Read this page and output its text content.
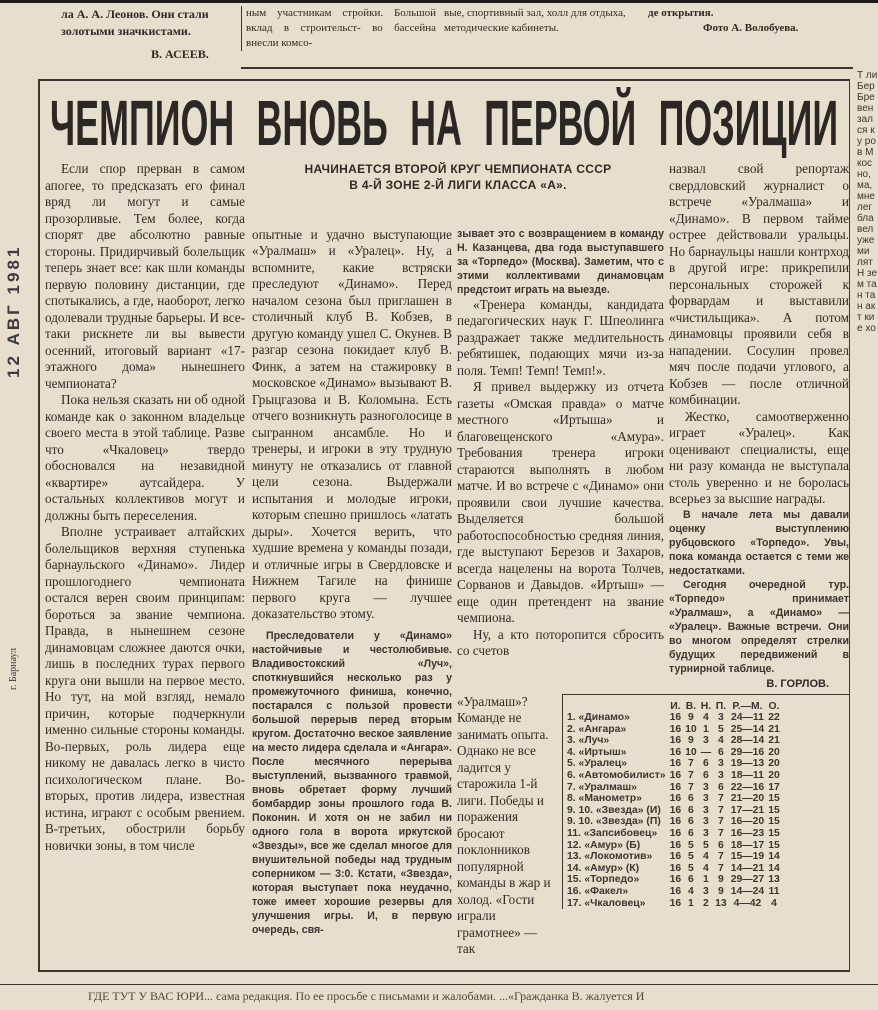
ла А. А. Леонов. Они стали
золотыми значкистами.
В. АСЕЕВ.
ным участникам стройки. Большой вклад в строительст- во бассейна внесли комсо-
вые, спортивный зал, холл для отдыха, методические кабинеты.
де открытия.
Фото А. Волобуева.
ЧЕМПИОН ВНОВЬ НА ПЕРВОЙ ПОЗИЦИИ

Если спор прерван в самом апогее, то предсказать его финал вряд ли могут и самые прозорливые. Тем более, когда спорят две абсолютно равные стороны. Придирчивый болельщик теперь знает все: как шли команды первую половину дистанции, где спотыкались, а где, наоборот, легко одолевали трудные барьеры. И все-таки рискнете ли вы вывести осенний, итоговый вариант «17-этажного дома» нынешнего чемпионата?

Пока нельзя сказать ни об одной команде как о законном владельце своего места в этой таблице. Разве что «Чкаловец» твердо обосновался на незавидной «квартире» аутсайдера. У остальных коллективов могут и должны быть переселения.

Вполне устраивает алтайских болельщиков верхняя ступенька барнаульского «Динамо». Лидер прошлогоднего чемпионата остался верен своим принципам: бороться за звание чемпиона. Правда, в нынешнем сезоне динамовцам сложнее даются очки, лишь в последних турах первого круга они вышли на первое место. Но тут, на мой взгляд, немало причин, которые подчеркнули именно сильные стороны команды. Во-первых, роль лидера еще никому не давалась легко в чисто психологическом плане. Во-вторых, против лидера, известная истина, играют с особым рвением. В-третьих, обострили борьбу новички зоны, в том числе

НАЧИНАЕТСЯ ВТОРОЙ КРУГ ЧЕМПИОНАТА СССР
В 4-Й ЗОНЕ 2-Й ЛИГИ КЛАССА «А».

опытные и удачно выступающие «Уралмаш» и «Уралец». Ну, а вспомните, какие встряски преследуют «Динамо». Перед началом сезона был приглашен в столичный клуб В. Кобзев, в другую команду ушел С. Окунев. В разгар сезона покидает клуб В. Финк, а затем на стажировку в московское «Динамо» вызывают В. Грыцгазова и В. Коломына. Есть отчего возникнуть разноголосице в сыгранном ансамбле. Но и тренеры, и игроки в эту трудную минуту не отказались от главной цели сезона. Выдержали испытания и молодые игроки, которым спешно пришлось «латать дыры». Хочется верить, что худшие времена у команды позади, и отличные игры в Свердловске и Нижнем Тагиле на финише первого круга — лучшее доказательство этому.

Преследователи у «Динамо» настойчивые и честолюбивые. Владивостокский «Луч», споткнувшийся несколько раз у промежуточного финиша, конечно, постарался с пользой провести большой перерыв перед вторым кругом. Достаточно веское заявление на место лидера сделала и «Ангара». После месячного перерыва выступлений, вызванного травмой, вновь обретает форму лучший бомбардир зоны прошлого года В. Поконин. И хотя он не забил ни одного гола в ворота иркутской «Звезды», все же сделал многое для внушительной победы над трудным соперником — 3:0. Кстати, «Звезда», которая выступает пока неудачно, тоже имеет хорошие резервы для улучшения игры. И, в первую очередь, свя-

зывает это с возвращением в команду Н. Казанцева, два года выступавшего за «Торпедо» (Москва). Заметим, что с этими коллективами динамовцам предстоит играть на выезде.

«Тренера команды, кандидата педагогических наук Г. Шпеолинга раздражает также медлительность ребятишек, подающих мячи из-за поля. Темп! Темп! Темп!».

Я привел выдержку из отчета газеты «Омская правда» о матче местного «Иртыша» и благовещенского «Амура». Требования тренера игроки стараются выполнять в любом матче. И во встрече с «Динамо» они проявили свои лучшие качества. Выделяется большой работоспособностью средняя линия, где выступают Березов и Захаров, всегда нацелены на ворота Толчев, Сорванов и Давыдов. «Иртыш» — еще один претендент на звание чемпиона.

Ну, а кто поторопится сбросить со счетов

назвал свой репортаж свердловский журналист о встрече «Уралмаша» и «Динамо». В первом тайме острее действовали уральцы. Но барнаульцы нашли контрход в другой игре: прикрепили персональных сторожей к форвардам и выставили «чистильщика». А потом динамовцы проявили себя в нападении. Сосулин провел мяч после подачи углового, а Кобзев — после отличной комбинации.

Жестко, самоотверженно играет «Уралец». Как оценивают специалисты, еще ни разу команда не выступала столь уверенно и не боролась всерьез за высшие награды.

В начале лета мы давали оценку выступлению рубцовского «Торпедо». Увы, пока команда остается с теми же недостатками.

Сегодня очередной тур. «Торпедо» принимает «Уралмаш», а «Динамо» — «Уралец». Важные встречи. Они во многом определят стрелки будущих передвижений в турнирной таблице.

В. ГОРЛОВ.

«Уралмаш»? Команде не занимать опыта. Однако не все ладится у старожила 1-й лиги. Победы и поражения бросают поклонников популярной команды в жар и холод. «Гости играли грамотнее» — так

	И.	В.	Н.	П.	Р.—М.	О.
1. «Динамо»	16	9	4	3	24—11	22
2. «Ангара»	16	10	1	5	25—14	21
3. «Луч»	16	9	3	4	28—14	21
4. «Иртыш»	16	10	—	6	29—16	20
5. «Уралец»	16	7	6	3	19—13	20
6. «Автомобилист»	16	7	6	3	18—11	20
7. «Уралмаш»	16	7	3	6	22—16	17
8. «Манометр»	16	6	3	7	21—20	15
9. 10. «Звезда» (И)	16	6	3	7	17—21	15
9. 10. «Звезда» (П)	16	6	3	7	16—20	15
11. «Запсибовец»	16	6	3	7	16—23	15
12. «Амур» (Б)	16	5	5	6	18—17	15
13. «Локомотив»	16	5	4	7	15—19	14
14. «Амур» (К)	16	5	4	7	14—21	14
15. «Торпедо»	16	6	1	9	29—27	13
16. «Факел»	16	4	3	9	14—24	11
17. «Чкаловец»	16	1	2	13	4—42	4
ГДЕ ТУТ У ВАС ЮРИ... сама редакция. По ее просьбе с письмами и жалобами. ...«Гражданка В. жалуется И
12 АВГ 1981
г. Барнаул
Т ли Бер Бре вен зал ся ку ров М кос но, ма, мне лег бла вел уже ми лят Н зем тан тан акт кие хо
